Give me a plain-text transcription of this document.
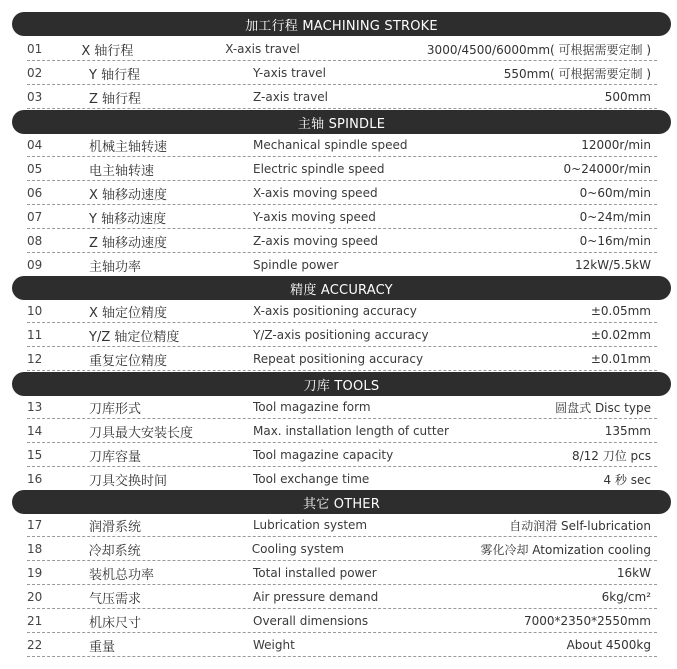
加工行程 MACHINING STROKE
01	X 轴行程	X-axis travel	3000/4500/6000mm( 可根据需要定制 )
02	Y 轴行程	Y-axis travel	550mm( 可根据需要定制 )
03	Z 轴行程	Z-axis travel	500mm
主轴 SPINDLE
04	机械主轴转速	Mechanical spindle speed	12000r/min
05	电主轴转速	Electric spindle speed	0~24000r/min
06	X 轴移动速度	X-axis moving speed	0~60m/min
07	Y 轴移动速度	Y-axis moving speed	0~24m/min
08	Z 轴移动速度	Z-axis moving speed	0~16m/min
09	主轴功率	Spindle power	12kW/5.5kW
精度 ACCURACY
10	X 轴定位精度	X-axis positioning accuracy	±0.05mm
11	Y/Z 轴定位精度	Y/Z-axis positioning accuracy	±0.02mm
12	重复定位精度	Repeat positioning accuracy	±0.01mm
刀库 TOOLS
13	刀库形式	Tool magazine form	圆盘式 Disc type
14	刀具最大安装长度	Max. installation length of cutter	135mm
15	刀库容量	Tool magazine capacity	8/12 刀位 pcs
16	刀具交换时间	Tool exchange time	4 秒 sec
其它 OTHER
17	润滑系统	Lubrication system	自动润滑 Self-lubrication
18	冷却系统	Cooling system	雾化冷却 Atomization cooling
19	装机总功率	Total installed power	16kW
20	气压需求	Air pressure demand	6kg/cm²
21	机床尺寸	Overall dimensions	7000*2350*2550mm
22	重量	Weight	About 4500kg
